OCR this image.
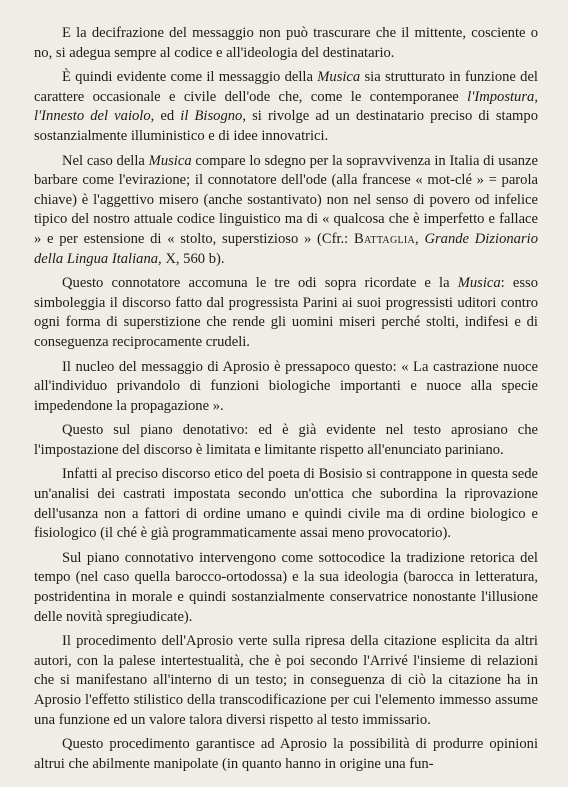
E la decifrazione del messaggio non può trascurare che il mittente, cosciente o no, si adegua sempre al codice e all'ideologia del destinatario.

È quindi evidente come il messaggio della Musica sia strutturato in funzione del carattere occasionale e civile dell'ode che, come le contemporanee l'Impostura, l'Innesto del vaiolo, ed il Bisogno, si rivolge ad un destinatario preciso di stampo sostanzialmente illuministico e di idee innovatrici.

Nel caso della Musica compare lo sdegno per la sopravvivenza in Italia di usanze barbare come l'evirazione; il connotatore dell'ode (alla francese « mot-clé » = parola chiave) è l'aggettivo misero (anche sostantivato) non nel senso di povero od infelice tipico del nostro attuale codice linguistico ma di « qualcosa che è imperfetto e fallace » e per estensione di « stolto, superstizioso » (Cfr.: Battaglia, Grande Dizionario della Lingua Italiana, X, 560 b).

Questo connotatore accomuna le tre odi sopra ricordate e la Musica: esso simboleggia il discorso fatto dal progressista Parini ai suoi progressisti uditori contro ogni forma di superstizione che rende gli uomini miseri perché stolti, indifesi e di conseguenza reciprocamente crudeli.

Il nucleo del messaggio di Aprosio è pressapoco questo: « La castrazione nuoce all'individuo privandolo di funzioni biologiche importanti e nuoce alla specie impedendone la propagazione ».

Questo sul piano denotativo: ed è già evidente nel testo aprosiano che l'impostazione del discorso è limitata e limitante rispetto all'enunciato pariniano.

Infatti al preciso discorso etico del poeta di Bosisio si contrappone in questa sede un'analisi dei castrati impostata secondo un'ottica che subordina la riprovazione dell'usanza non a fattori di ordine umano e quindi civile ma di ordine biologico e fisiologico (il ché è già programmaticamente assai meno provocatorio).

Sul piano connotativo intervengono come sottocodice la tradizione retorica del tempo (nel caso quella barocco-ortodossa) e la sua ideologia (barocca in letteratura, postridentina in morale e quindi sostanzialmente conservatrice nonostante l'illusione delle novità spregiudicate).

Il procedimento dell'Aprosio verte sulla ripresa della citazione esplicita da altri autori, con la palese intertestualità, che è poi secondo l'Arrivé l'insieme di relazioni che si manifestano all'interno di un testo; in conseguenza di ciò la citazione ha in Aprosio l'effetto stilistico della transcodificazione per cui l'elemento immesso assume una funzione ed un valore talora diversi rispetto al testo immissario.

Questo procedimento garantisce ad Aprosio la possibilità di produrre opinioni altrui che abilmente manipolate (in quanto hanno in origine una fun-
